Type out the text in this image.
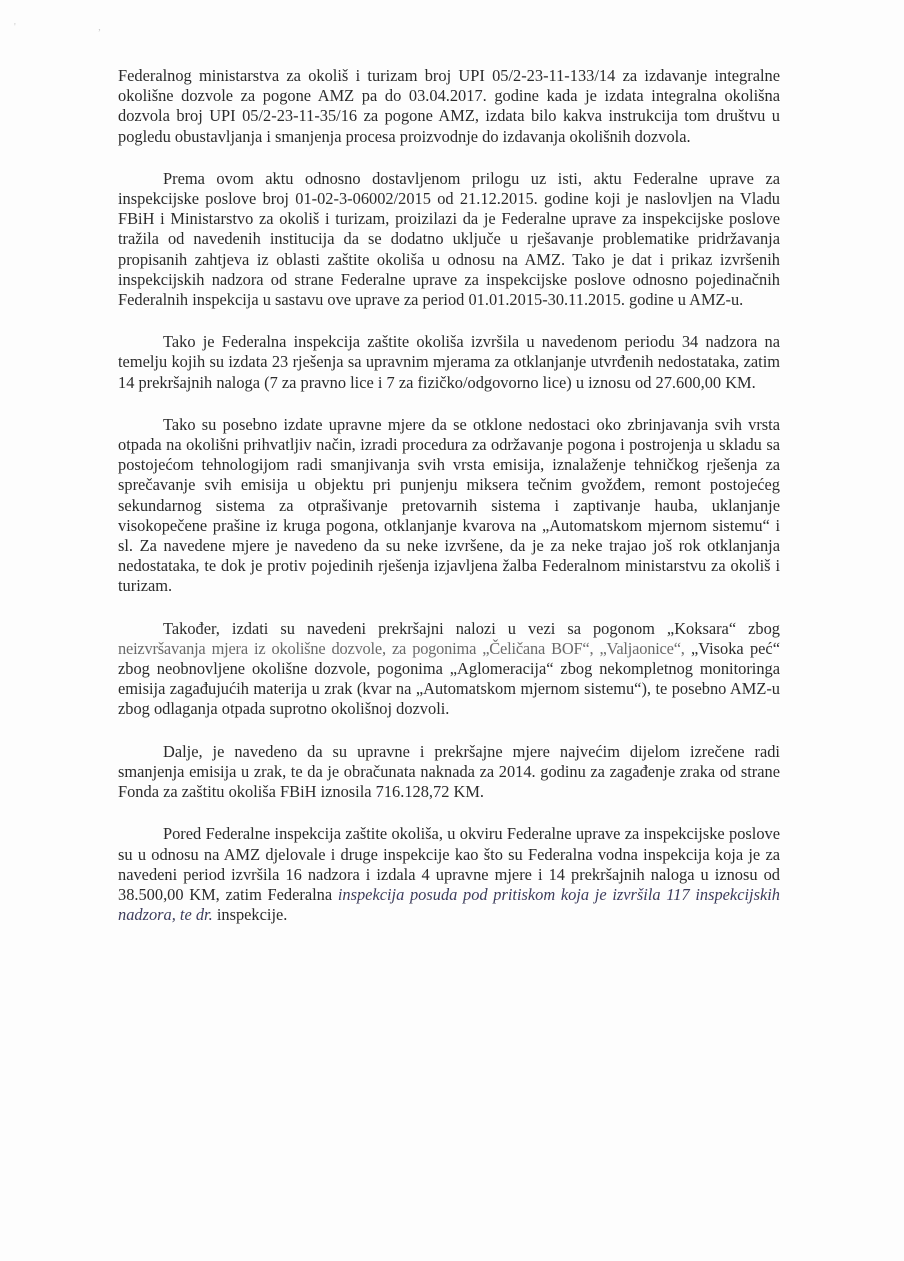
' ,

Federalnog ministarstva za okoliš i turizam broj UPI 05/2-23-11-133/14 za izdavanje integralne okolišne dozvole za pogone AMZ pa do 03.04.2017. godine kada je izdata integralna okolišna dozvola broj UPI 05/2-23-11-35/16 za pogone AMZ, izdata bilo kakva instrukcija tom društvu u pogledu obustavljanja i smanjenja procesa proizvodnje do izdavanja okolišnih dozvola.

Prema ovom aktu odnosno dostavljenom prilogu uz isti, aktu Federalne uprave za inspekcijske poslove broj 01-02-3-06002/2015 od 21.12.2015. godine koji je naslovljen na Vladu FBiH i Ministarstvo za okoliš i turizam, proizilazi da je Federalne uprave za inspekcijske poslove tražila od navedenih institucija da se dodatno uključe u rješavanje problematike pridržavanja propisanih zahtjeva iz oblasti zaštite okoliša u odnosu na AMZ. Tako je dat i prikaz izvršenih inspekcijskih nadzora od strane Federalne uprave za inspekcijske poslove odnosno pojedinačnih Federalnih inspekcija u sastavu ove uprave za period 01.01.2015-30.11.2015. godine u AMZ-u.

Tako je Federalna inspekcija zaštite okoliša izvršila u navedenom periodu 34 nadzora na temelju kojih su izdata 23 rješenja sa upravnim mjerama za otklanjanje utvrđenih nedostataka, zatim 14 prekršajnih naloga (7 za pravno lice i 7 za fizičko/odgovorno lice) u iznosu od 27.600,00 KM.

Tako su posebno izdate upravne mjere da se otklone nedostaci oko zbrinjavanja svih vrsta otpada na okolišni prihvatljiv način, izradi procedura za održavanje pogona i postrojenja u skladu sa postojećom tehnologijom radi smanjivanja svih vrsta emisija, iznalaženje tehničkog rješenja za sprečavanje svih emisija u objektu pri punjenju miksera tečnim gvožđem, remont postojećeg sekundarnog sistema za otprašivanje pretovarnih sistema i zaptivanje hauba, uklanjanje visokopečene prašine iz kruga pogona, otklanjanje kvarova na „Automatskom mjernom sistemu“ i sl. Za navedene mjere je navedeno da su neke izvršene, da je za neke trajao još rok otklanjanja nedostataka, te dok je protiv pojedinih rješenja izjavljena žalba Federalnom ministarstvu za okoliš i turizam.

Također, izdati su navedeni prekršajni nalozi u vezi sa pogonom „Koksara“ zbog neizvršavanja mjera iz okolišne dozvole, za pogonima „Čeličana BOF“, „Valjaonice“, „Visoka peć“ zbog neobnovljene okolišne dozvole, pogonima „Aglomeracija“ zbog nekompletnog monitoringa emisija zagađujućih materija u zrak (kvar na „Automatskom mjernom sistemu“), te posebno AMZ-u zbog odlaganja otpada suprotno okolišnoj dozvoli.

Dalje, je navedeno da su upravne i prekršajne mjere najvećim dijelom izrečene radi smanjenja emisija u zrak, te da je obračunata naknada za 2014. godinu za zagađenje zraka od strane Fonda za zaštitu okoliša FBiH iznosila 716.128,72 KM.

Pored Federalne inspekcija zaštite okoliša, u okviru Federalne uprave za inspekcijske poslove su u odnosu na AMZ djelovale i druge inspekcije kao što su Federalna vodna inspekcija koja je za navedeni period izvršila 16 nadzora i izdala 4 upravne mjere i 14 prekršajnih naloga u iznosu od 38.500,00 KM, zatim Federalna inspekcija posuda pod pritiskom koja je izvršila 117 inspekcijskih nadzora, te dr. inspekcije.
